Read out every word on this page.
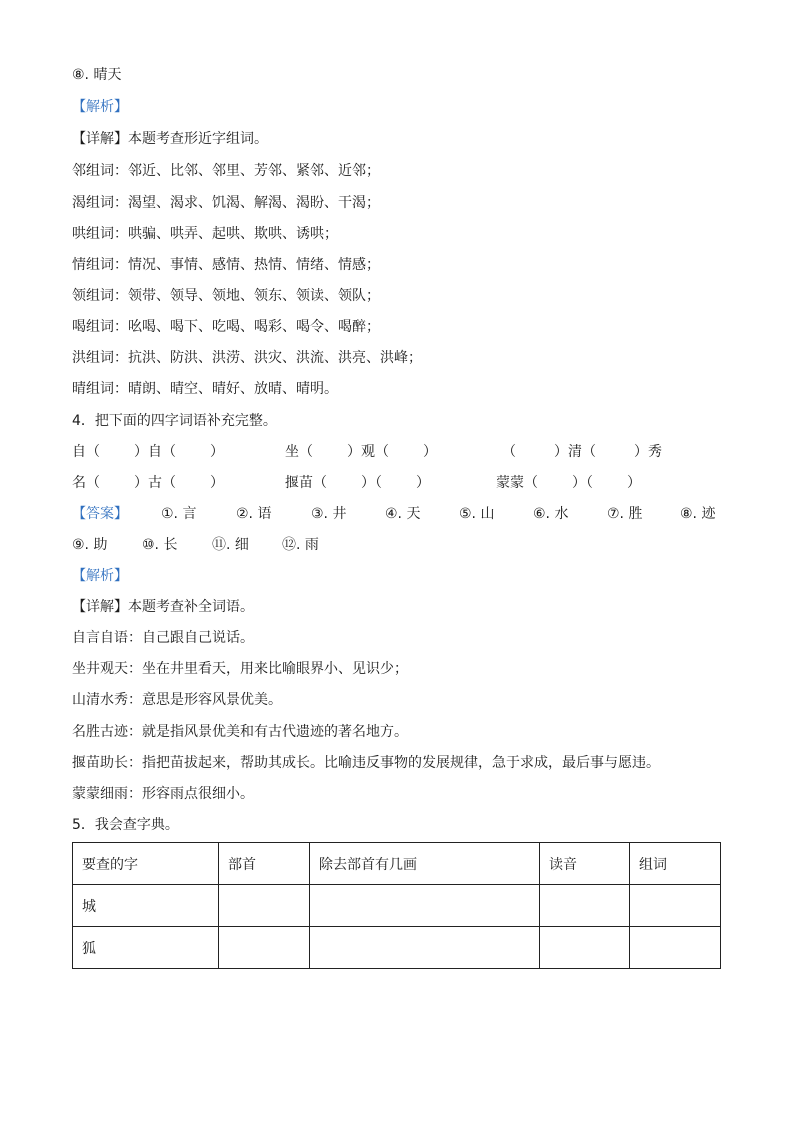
⑧. 晴天
【解析】
【详解】本题考查形近字组词。
邻组词：邻近、比邻、邻里、芳邻、紧邻、近邻；
渴组词：渴望、渴求、饥渴、解渴、渴盼、干渴；
哄组词：哄骗、哄弄、起哄、欺哄、诱哄；
情组词：情况、事情、感情、热情、情绪、情感；
领组词：领带、领导、领地、领东、领读、领队；
喝组词：吆喝、喝下、吃喝、喝彩、喝令、喝醉；
洪组词：抗洪、防洪、洪涝、洪灾、洪流、洪亮、洪峰；
晴组词：晴朗、晴空、晴好、放晴、晴明。
4．把下面的四字词语补充完整。
自（ ）自（ ）	坐（ ）观（ ）	（	）清（	）秀
名（ ）古（ ）	揠苗（ ）（ ）	蒙蒙（ ）（ ）
【答案】 ①. 言	②. 语	③. 井	④. 天	⑤. 山	⑥. 水	⑦. 胜	⑧. 迹
⑨. 助 ⑩. 长 ⑪. 细 ⑫. 雨
【解析】
【详解】本题考查补全词语。
自言自语：自己跟自己说话。
坐井观天：坐在井里看天，用来比喻眼界小、见识少；
山清水秀：意思是形容风景优美。
名胜古迹：就是指风景优美和有古代遗迹的著名地方。
揠苗助长：指把苗拔起来，帮助其成长。比喻违反事物的发展规律，急于求成，最后事与愿违。
蒙蒙细雨：形容雨点很细小。
5．我会查字典。
要查的字	部首	除去部首有几画	读音	组词
城				
狐				
